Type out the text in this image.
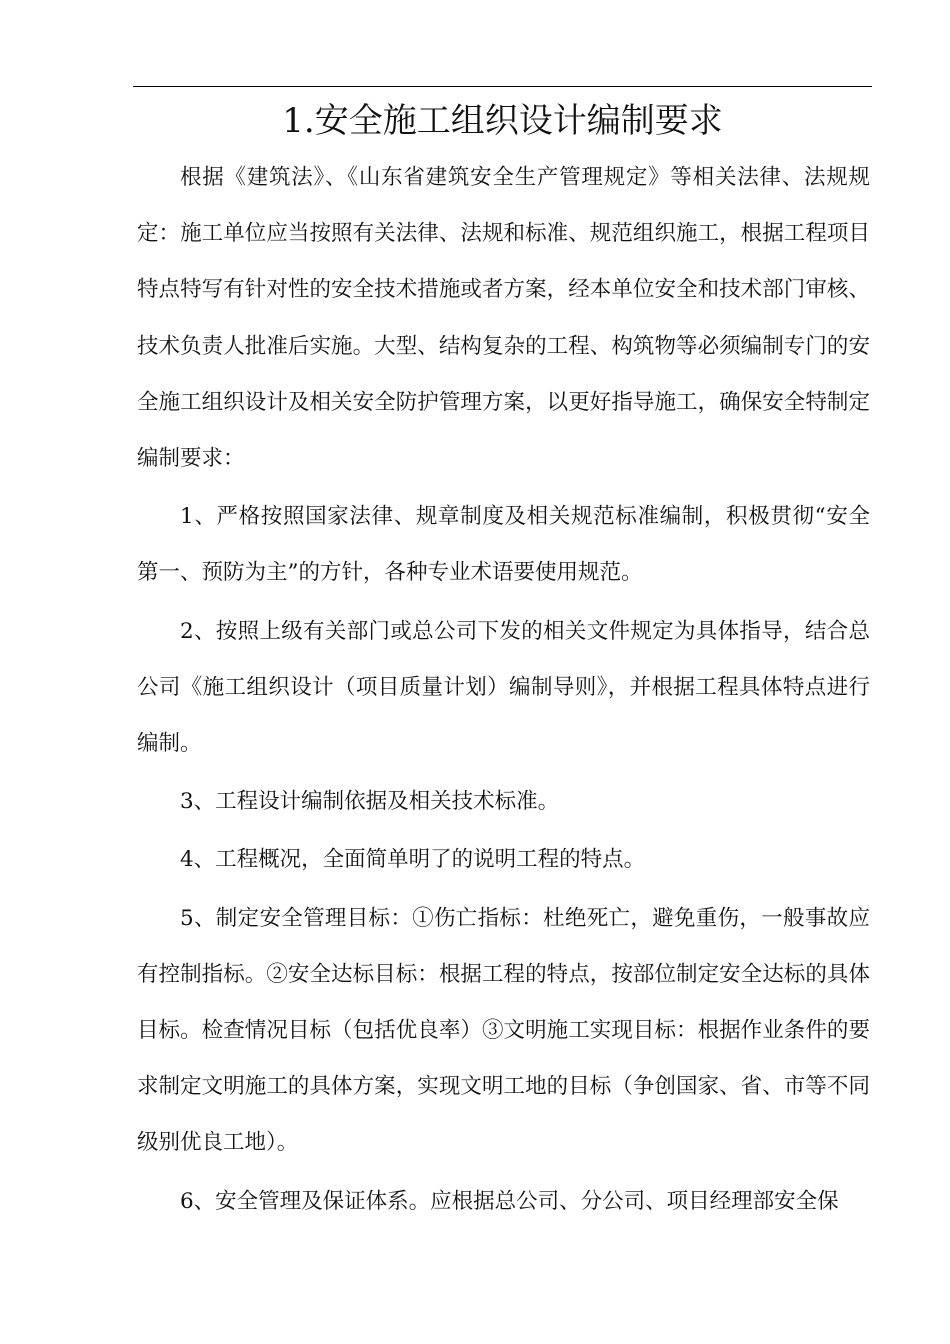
1.安全施工组织设计编制要求

根据《建筑法》、《山东省建筑安全生产管理规定》等相关法律、法规规定：施工单位应当按照有关法律、法规和标准、规范组织施工，根据工程项目特点特写有针对性的安全技术措施或者方案，经本单位安全和技术部门审核、技术负责人批准后实施。大型、结构复杂的工程、构筑物等必须编制专门的安全施工组织设计及相关安全防护管理方案，以更好指导施工，确保安全特制定编制要求：

1、严格按照国家法律、规章制度及相关规范标准编制，积极贯彻“安全第一、预防为主”的方针，各种专业术语要使用规范。

2、按照上级有关部门或总公司下发的相关文件规定为具体指导，结合总公司《施工组织设计（项目质量计划）编制导则》，并根据工程具体特点进行编制。

3、工程设计编制依据及相关技术标准。

4、工程概况，全面简单明了的说明工程的特点。

5、制定安全管理目标：①伤亡指标：杜绝死亡，避免重伤，一般事故应有控制指标。②安全达标目标：根据工程的特点，按部位制定安全达标的具体目标。检查情况目标（包括优良率）③文明施工实现目标：根据作业条件的要求制定文明施工的具体方案，实现文明工地的目标（争创国家、省、市等不同级别优良工地）。

6、安全管理及保证体系。应根据总公司、分公司、项目经理部安全保
